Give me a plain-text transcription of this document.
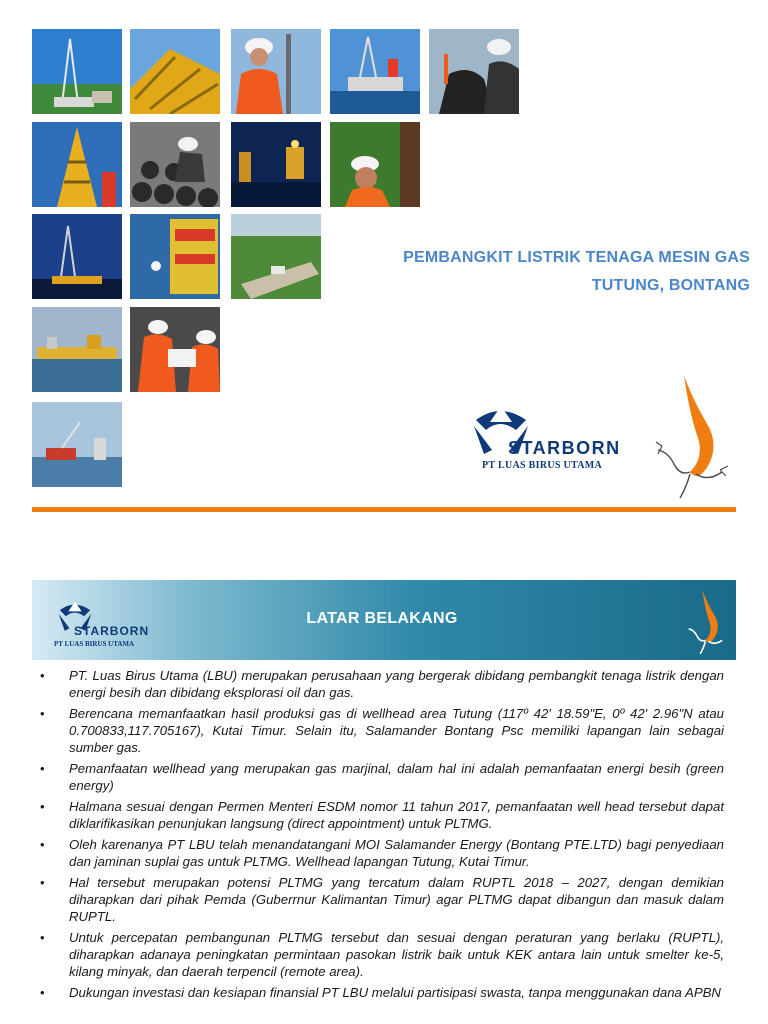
PEMBANGKIT LISTRIK TENAGA MESIN GAS
TUTUNG, BONTANG
STARBORN
PT LUAS BIRUS UTAMA
STARBORN
PT LUAS BIRUS UTAMA
LATAR BELAKANG
• PT. Luas Birus Utama (LBU) merupakan perusahaan yang bergerak dibidang pembangkit tenaga listrik dengan energi besih dan dibidang eksplorasi oil dan gas.
• Berencana memanfaatkan hasil produksi gas di wellhead area Tutung (117º 42' 18.59"E, 0º 42' 2.96"N atau 0.700833,117.705167), Kutai Timur. Selain itu, Salamander Bontang Psc memiliki lapangan lain sebagai sumber gas.
• Pemanfaatan wellhead yang merupakan gas marjinal, dalam hal ini adalah pemanfaatan energi besih (green energy)
• Halmana sesuai dengan Permen Menteri ESDM nomor 11 tahun 2017, pemanfaatan well head tersebut dapat diklarifikasikan penunjukan langsung (direct appointment) untuk PLTMG.
• Oleh karenanya PT LBU telah menandatangani MOI Salamander Energy (Bontang PTE.LTD) bagi penyediaan dan jaminan suplai gas untuk PLTMG. Wellhead lapangan Tutung, Kutai Timur.
• Hal tersebut merupakan potensi PLTMG yang tercatum dalam RUPTL 2018 – 2027, dengan demikian diharapkan dari pihak Pemda (Guberrnur Kalimantan Timur) agar PLTMG dapat dibangun dan masuk dalam RUPTL.
• Untuk percepatan pembangunan PLTMG tersebut dan sesuai dengan peraturan yang berlaku (RUPTL), diharapkan adanaya peningkatan permintaan pasokan listrik baik untuk KEK antara lain untuk smelter ke-5, kilang minyak, dan daerah terpencil (remote area).
• Dukungan investasi dan kesiapan finansial PT LBU melalui partisipasi swasta, tanpa menggunakan dana APBN
